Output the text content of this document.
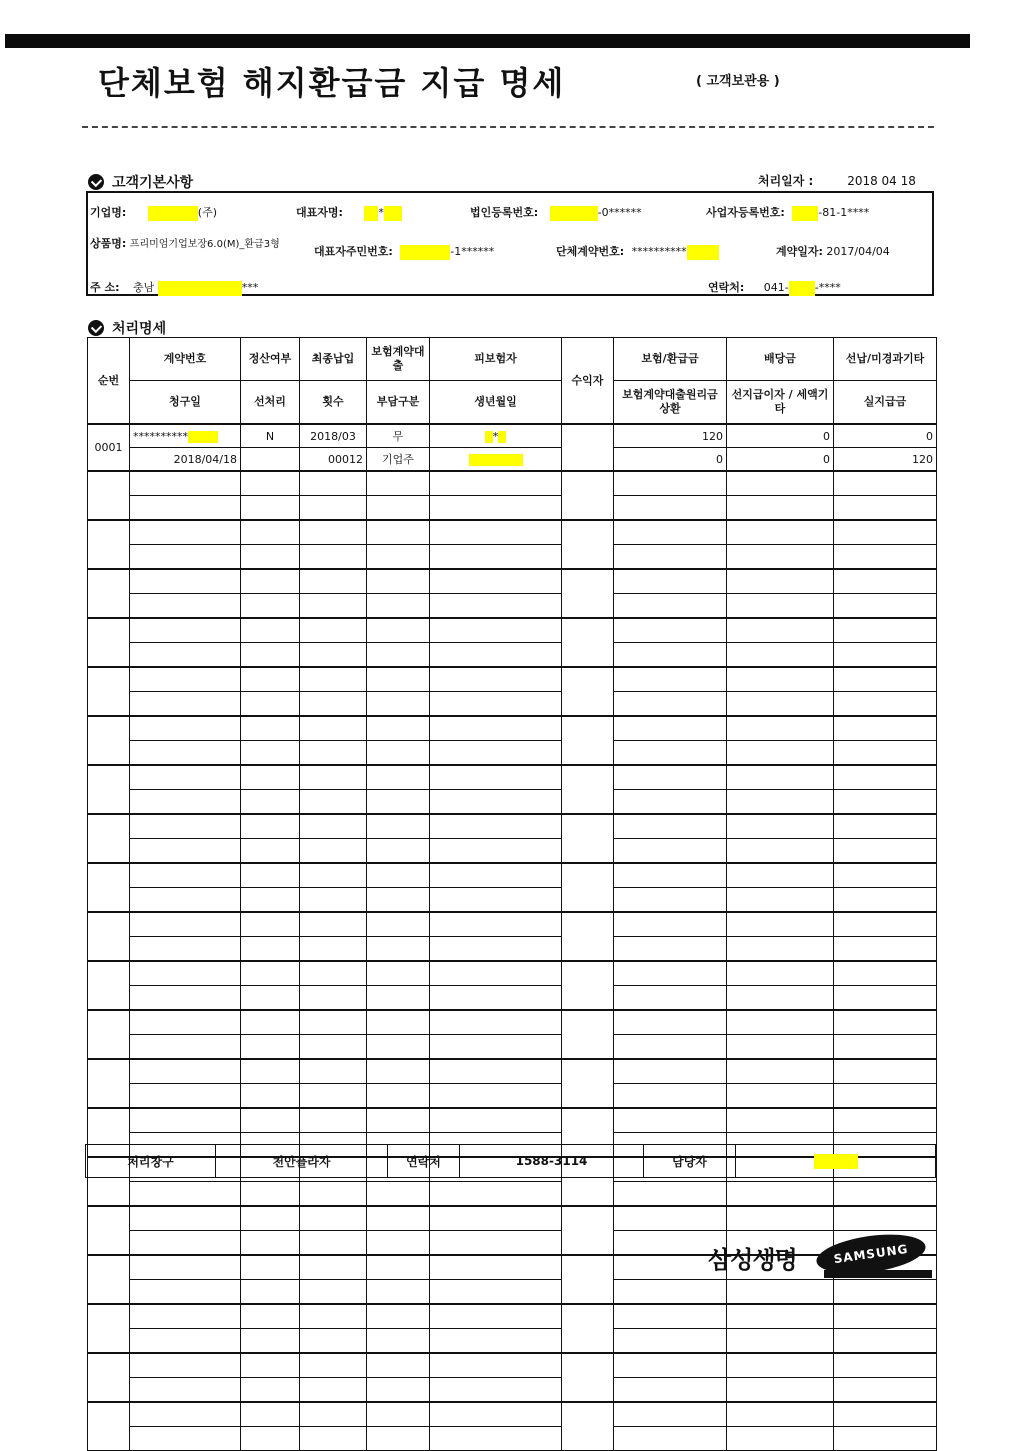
단체보험 해지환급금 지급 명세	( 고객보관용 )
고객기본사항	처리일자 :	2018 04 18
기업명:	(주)	대표자명:	*	법인등록번호:	-0******	사업자등록번호:	-81-1****
상품명: 프리미엄기업보장6.0(M)_환급3형
대표자주민번호:	-1******	단체계약번호: **********	계약일자: 2017/04/04
주 소: 충남	***	연락처: 041- -****
처리명세
순번	계약번호	정산여부	최종납입	보험계약대출	피보험자	수익자	보험/환급금	배당금	선납/미경과기타
	청구일	선처리	횟수	부담구분	생년월일		보험계약대출원리금상환	선지급이자 / 세액기타	실지급금
0001	**********	N	2018/03	무	*		120	0	0
	2018/04/18		00012	기업주			0	0	120

처리창구	천안플라자	연락처	1588-3114	담당자	
삼성생명	SAMSUNG
